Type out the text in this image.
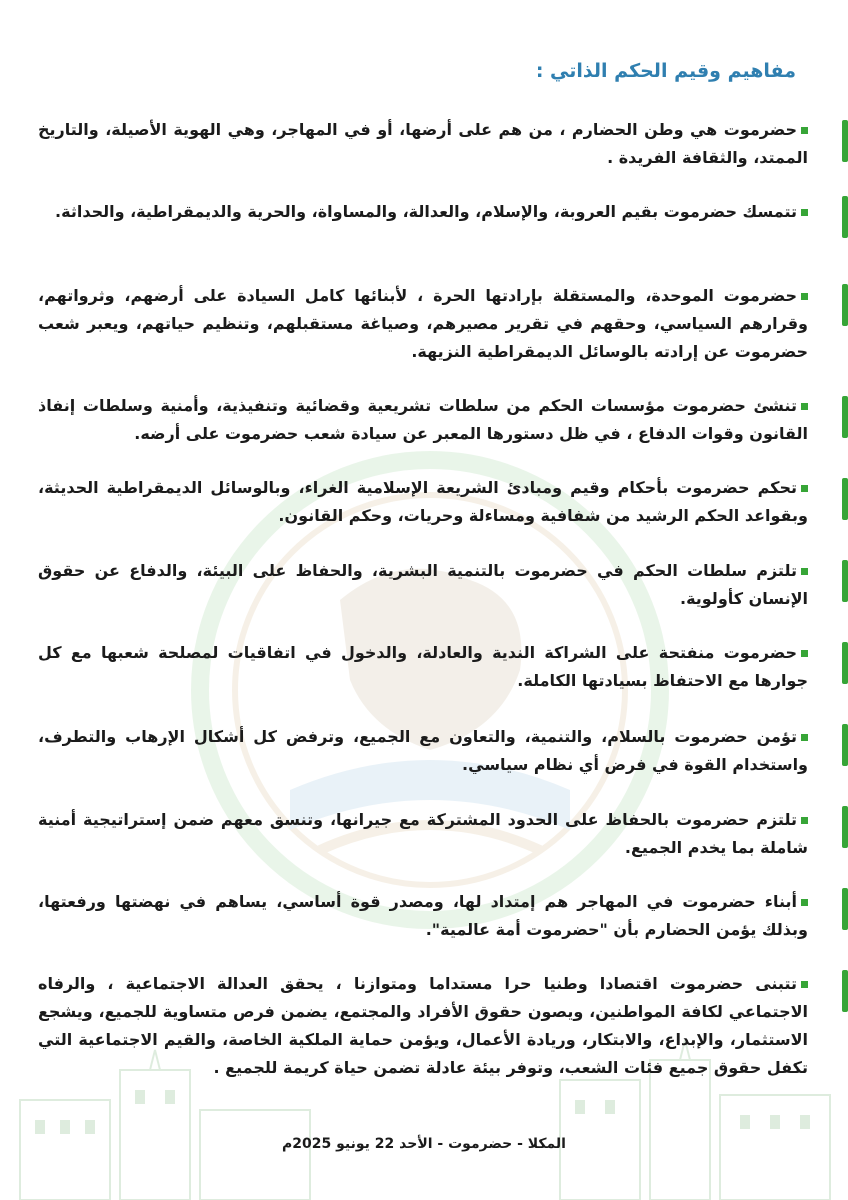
مفاهيم وقيم الحكم الذاتي :
حضرموت هي وطن الحضارم ، من هم على أرضها، أو في المهاجر، وهي الهوية الأصيلة، والتاريخ الممتد، والثقافة الفريدة .
تتمسك حضرموت بقيم العروبة، والإسلام، والعدالة، والمساواة، والحرية والديمقراطية، والحداثة.
حضرموت الموحدة، والمستقلة بإرادتها الحرة ، لأبنائها كامل السيادة على أرضهم، وثرواتهم، وقرارهم السياسي، وحقهم في تقرير مصيرهم، وصياغة مستقبلهم، وتنظيم حياتهم، ويعبر شعب حضرموت عن إرادته بالوسائل الديمقراطية النزيهة.
تنشئ حضرموت مؤسسات الحكم من سلطات تشريعية وقضائية وتنفيذية، وأمنية وسلطات إنفاذ القانون وقوات الدفاع ، في ظل دستورها المعبر عن سيادة شعب حضرموت على أرضه.
تحكم حضرموت بأحكام وقيم ومبادئ الشريعة الإسلامية الغراء، وبالوسائل الديمقراطية الحديثة، وبقواعد الحكم الرشيد من شفافية ومساءلة وحريات، وحكم القانون.
تلتزم سلطات الحكم في حضرموت بالتنمية البشرية، والحفاظ على البيئة، والدفاع عن حقوق الإنسان كأولوية.
حضرموت منفتحة على الشراكة الندية والعادلة، والدخول في اتفاقيات لمصلحة شعبها مع كل جوارها مع الاحتفاظ بسيادتها الكاملة.
تؤمن حضرموت بالسلام، والتنمية، والتعاون مع الجميع، وترفض كل أشكال الإرهاب والتطرف، واستخدام القوة في فرض أي نظام سياسي.
تلتزم حضرموت بالحفاظ على الحدود المشتركة مع جيرانها، وتنسق معهم ضمن إستراتيجية أمنية شاملة بما يخدم الجميع.
أبناء حضرموت في المهاجر هم إمتداد لها، ومصدر قوة أساسي، يساهم في نهضتها ورفعتها، وبذلك يؤمن الحضارم بأن "حضرموت أمة عالمية".
تتبنى حضرموت اقتصادا وطنيا حرا مستداما ومتوازنا ، يحقق العدالة الاجتماعية ، والرفاه الاجتماعي لكافة المواطنين، ويصون حقوق الأفراد والمجتمع، يضمن فرص متساوية للجميع، ويشجع الاستثمار، والإبداع، والابتكار، وريادة الأعمال، ويؤمن حماية الملكية الخاصة، والقيم الاجتماعية التي تكفل حقوق جميع فئات الشعب، وتوفر بيئة عادلة تضمن حياة كريمة للجميع .
المكلا - حضرموت - الأحد 22 يونيو 2025م
